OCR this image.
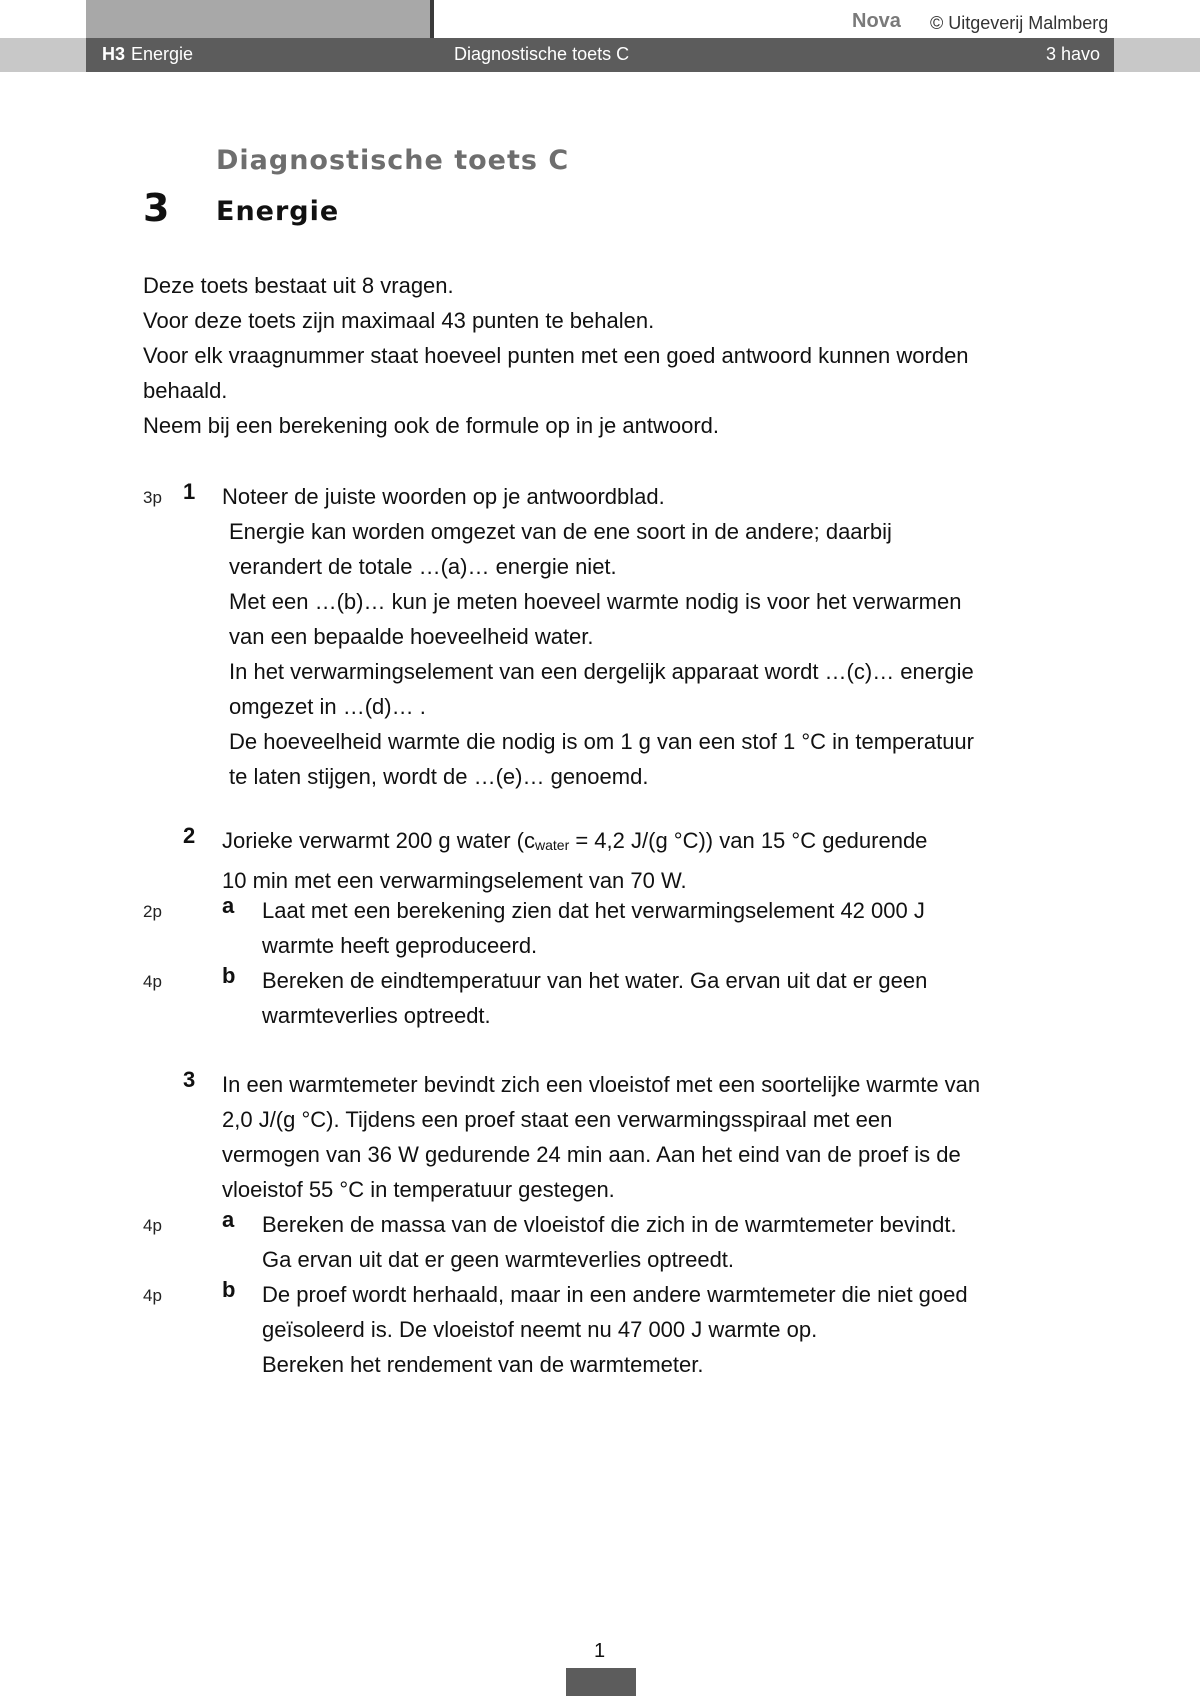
Nova © Uitgeverij Malmberg
H3 Energie	Diagnostische toets C	3 havo
Diagnostische toets C
3 Energie

Deze toets bestaat uit 8 vragen.

Voor deze toets zijn maximaal 43 punten te behalen.

Voor elk vraagnummer staat hoeveel punten met een goed antwoord kunnen worden

behaald.

Neem bij een berekening ook de formule op in je antwoord.

3p 1 Noteer de juiste woorden op je antwoordblad.

Energie kan worden omgezet van de ene soort in de andere; daarbij

verandert de totale …(a)… energie niet.

Met een …(b)… kun je meten hoeveel warmte nodig is voor het verwarmen

van een bepaalde hoeveelheid water.

In het verwarmingselement van een dergelijk apparaat wordt …(c)… energie

omgezet in …(d)… .

De hoeveelheid warmte die nodig is om 1 g van een stof 1 °C in temperatuur

te laten stijgen, wordt de …(e)… genoemd.

2 Jorieke verwarmt 200 g water ($c_{water} = 4,2$ J/(g °C)) van 15 °C gedurende

10 min met een verwarmingselement van 70 W.

2p	a Laat met een berekening zien dat het verwarmingselement 42 000 J

warmte heeft geproduceerd.

4p	b Bereken de eindtemperatuur van het water. Ga ervan uit dat er geen

warmteverlies optreedt.

3 In een warmtemeter bevindt zich een vloeistof met een soortelijke warmte van

2,0 J/(g °C). Tijdens een proef staat een verwarmingsspiraal met een

vermogen van 36 W gedurende 24 min aan. Aan het eind van de proef is de

vloeistof 55 °C in temperatuur gestegen.

4p	a Bereken de massa van de vloeistof die zich in de warmtemeter bevindt.

Ga ervan uit dat er geen warmteverlies optreedt.

4p	b De proef wordt herhaald, maar in een andere warmtemeter die niet goed

geïsoleerd is. De vloeistof neemt nu 47 000 J warmte op.

Bereken het rendement van de warmtemeter.

1
